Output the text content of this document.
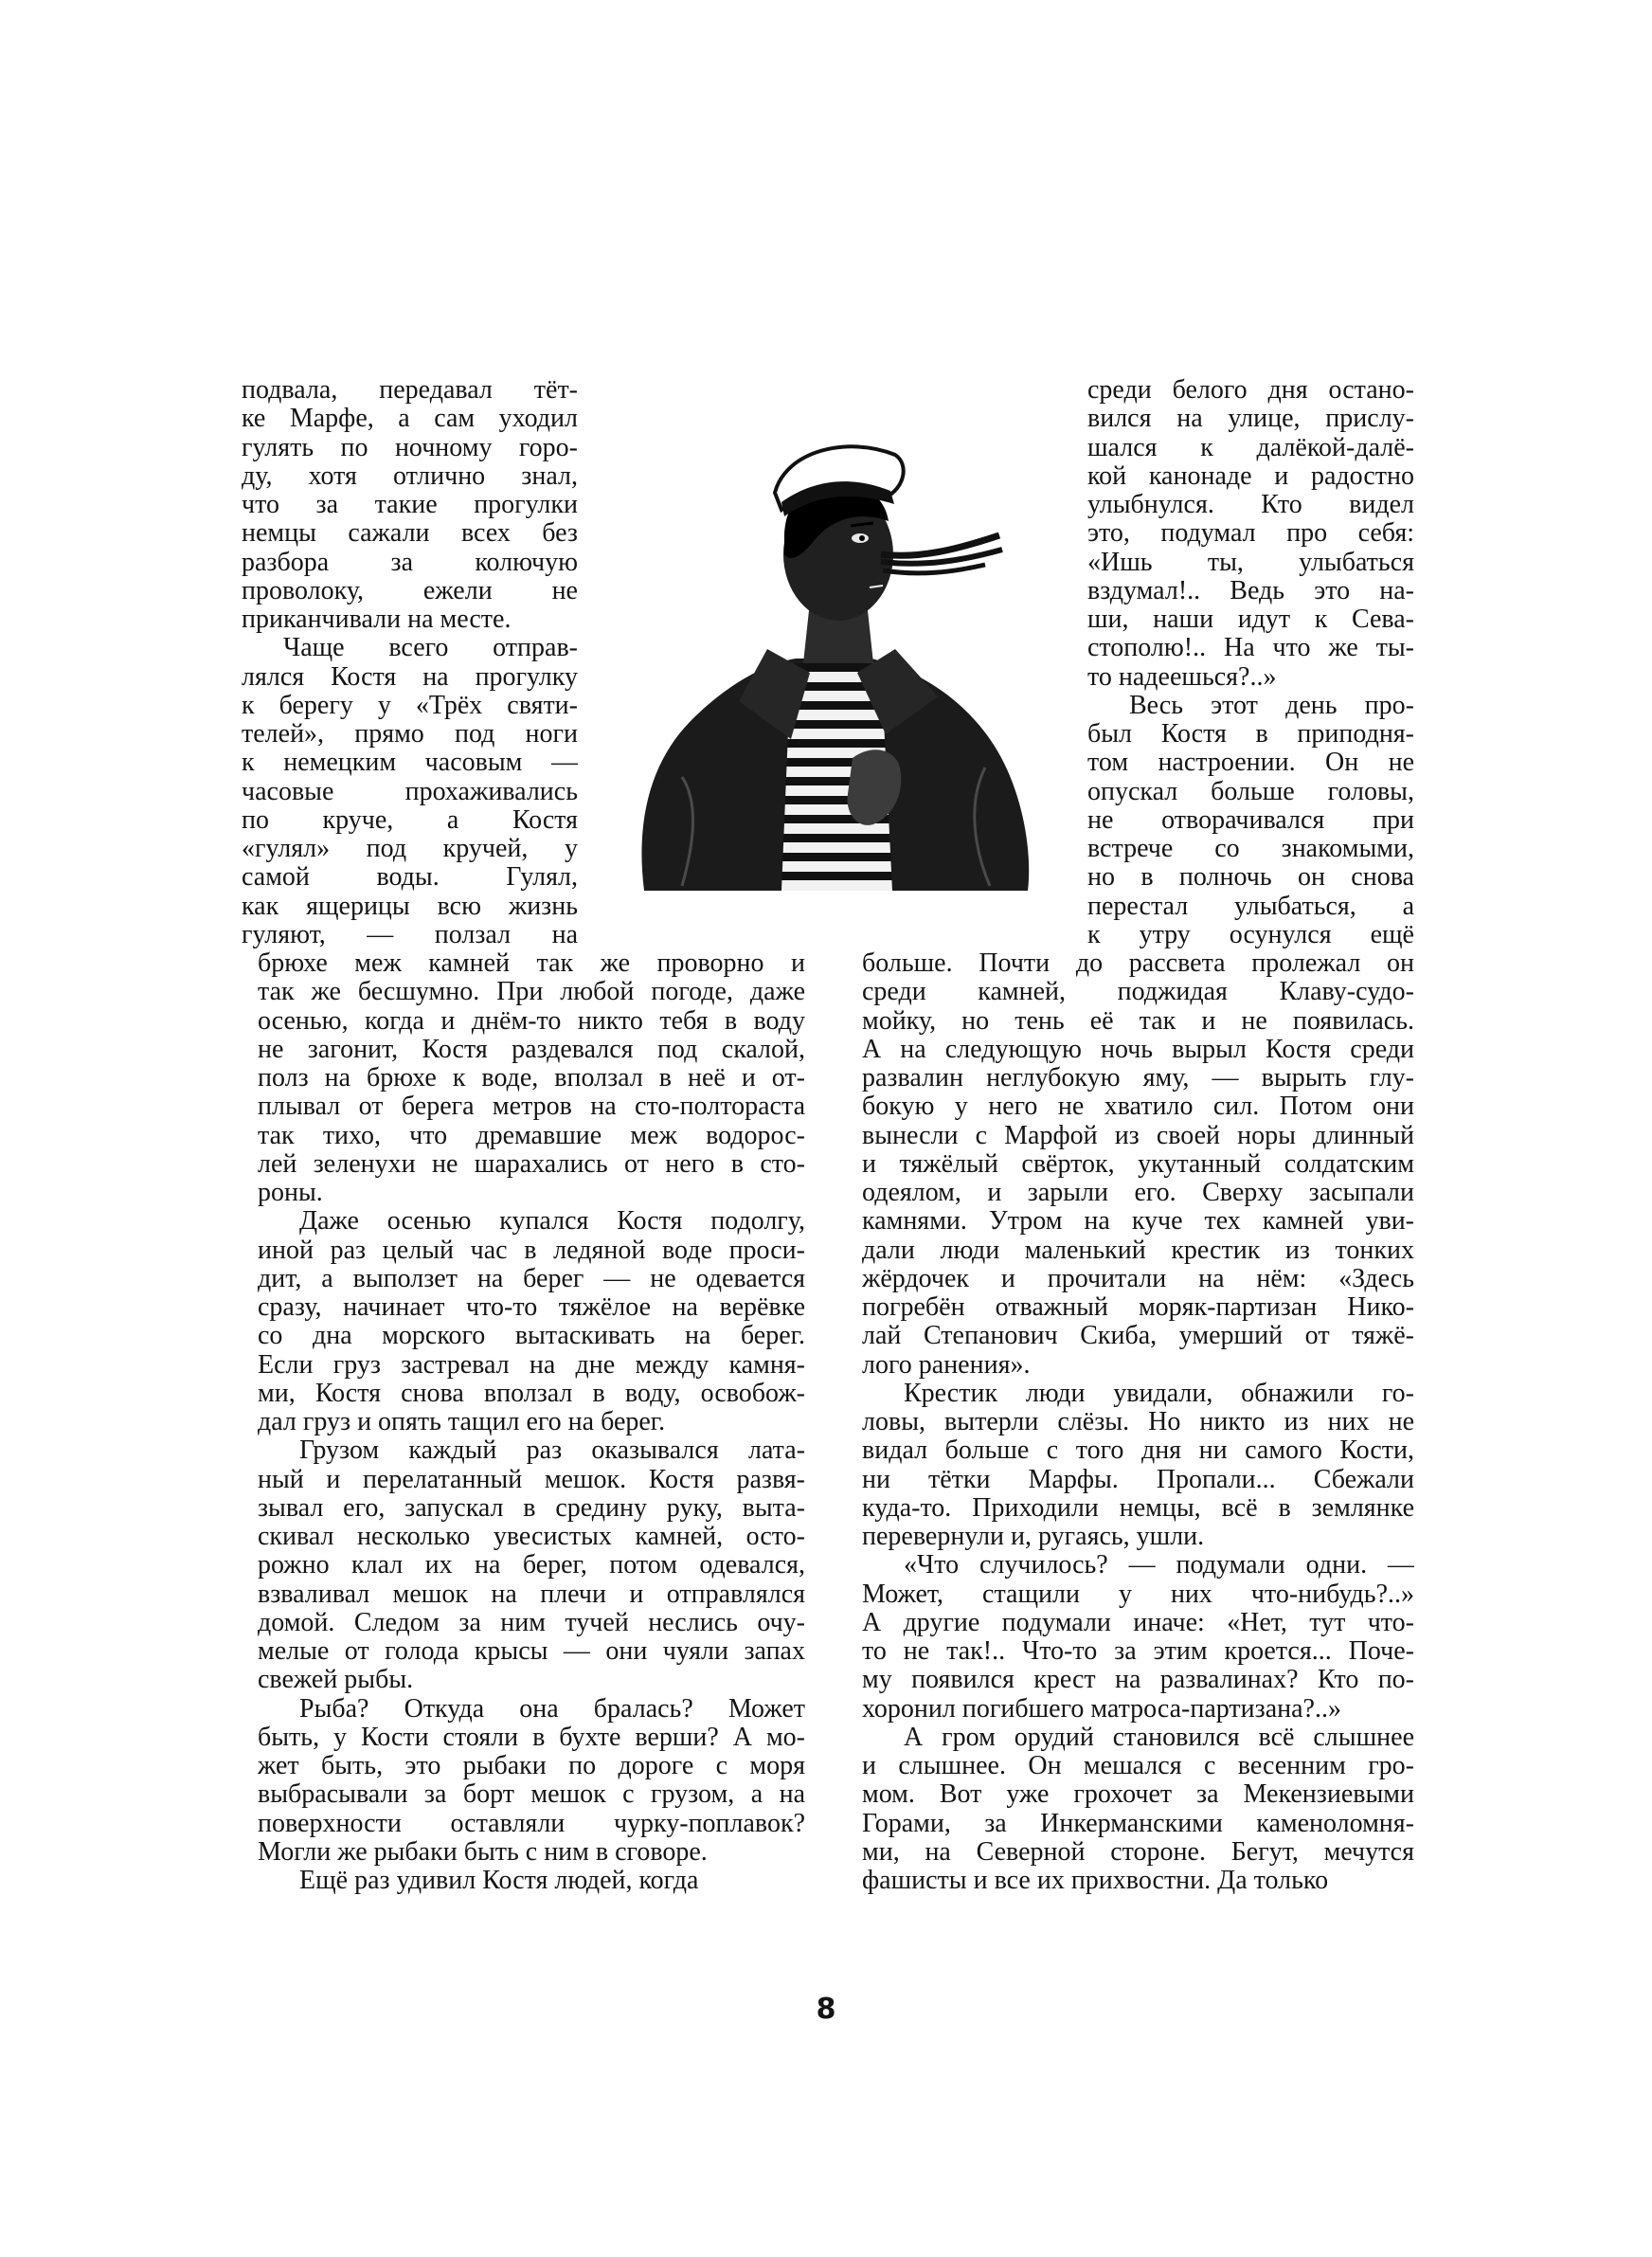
подвала, передавал тёт-
ке Марфе, а сам уходил
гулять по ночному горо-
ду, хотя отлично знал,
что за такие прогулки
немцы сажали всех без
разбора за колючую
проволоку, ежели не
приканчивали на месте.
Чаще всего отправ-
лялся Костя на прогулку
к берегу у «Трёх святи-
телей», прямо под ноги
к немецким часовым —
часовые прохаживались
по круче, а Костя
«гулял» под кручей, у
самой воды. Гулял,
как ящерицы всю жизнь
гуляют, — ползал на
брюхе меж камней так же проворно и
так же бесшумно. При любой погоде, даже
осенью, когда и днём-то никто тебя в воду
не загонит, Костя раздевался под скалой,
полз на брюхе к воде, вползал в неё и от-
плывал от берега метров на сто-полтораста
так тихо, что дремавшие меж водорос-
лей зеленухи не шарахались от него в сто-
роны.
Даже осенью купался Костя подолгу,
иной раз целый час в ледяной воде проси-
дит, а выползет на берег — не одевается
сразу, начинает что-то тяжёлое на верёвке
со дна морского вытаскивать на берег.
Если груз застревал на дне между камня-
ми, Костя снова вползал в воду, освобож-
дал груз и опять тащил его на берег.
Грузом каждый раз оказывался лата-
ный и перелатанный мешок. Костя развя-
зывал его, запускал в средину руку, выта-
скивал несколько увесистых камней, осто-
рожно клал их на берег, потом одевался,
взваливал мешок на плечи и отправлялся
домой. Следом за ним тучей неслись очу-
мелые от голода крысы — они чуяли запах
свежей рыбы.
Рыба? Откуда она бралась? Может
быть, у Кости стояли в бухте верши? А мо-
жет быть, это рыбаки по дороге с моря
выбрасывали за борт мешок с грузом, а на
поверхности оставляли чурку-поплавок?
Могли же рыбаки быть с ним в сговоре.
Ещё раз удивил Костя людей, когда
среди белого дня остано-
вился на улице, прислу-
шался к далёкой-далё-
кой канонаде и радостно
улыбнулся. Кто видел
это, подумал про себя:
«Ишь ты, улыбаться
вздумал!.. Ведь это на-
ши, наши идут к Сева-
стополю!.. На что же ты-
то надеешься?..»
Весь этот день про-
был Костя в приподня-
том настроении. Он не
опускал больше головы,
не отворачивался при
встрече со знакомыми,
но в полночь он снова
перестал улыбаться, а
к утру осунулся ещё
больше. Почти до рассвета пролежал он
среди камней, поджидая Клаву-судо-
мойку, но тень её так и не появилась.
А на следующую ночь вырыл Костя среди
развалин неглубокую яму, — вырыть глу-
бокую у него не хватило сил. Потом они
вынесли с Марфой из своей норы длинный
и тяжёлый свёрток, укутанный солдатским
одеялом, и зарыли его. Сверху засыпали
камнями. Утром на куче тех камней уви-
дали люди маленький крестик из тонких
жёрдочек и прочитали на нём: «Здесь
погребён отважный моряк-партизан Нико-
лай Степанович Скиба, умерший от тяжё-
лого ранения».
Крестик люди увидали, обнажили го-
ловы, вытерли слёзы. Но никто из них не
видал больше с того дня ни самого Кости,
ни тётки Марфы. Пропали... Сбежали
куда-то. Приходили немцы, всё в землянке
перевернули и, ругаясь, ушли.
«Что случилось? — подумали одни. —
Может, стащили у них что-нибудь?..»
А другие подумали иначе: «Нет, тут что-
то не так!.. Что-то за этим кроется... Поче-
му появился крест на развалинах? Кто по-
хоронил погибшего матроса-партизана?..»
А гром орудий становился всё слышнее
и слышнее. Он мешался с весенним гро-
мом. Вот уже грохочет за Мекензиевыми
Горами, за Инкерманскими каменоломня-
ми, на Северной стороне. Бегут, мечутся
фашисты и все их прихвостни. Да только
8
